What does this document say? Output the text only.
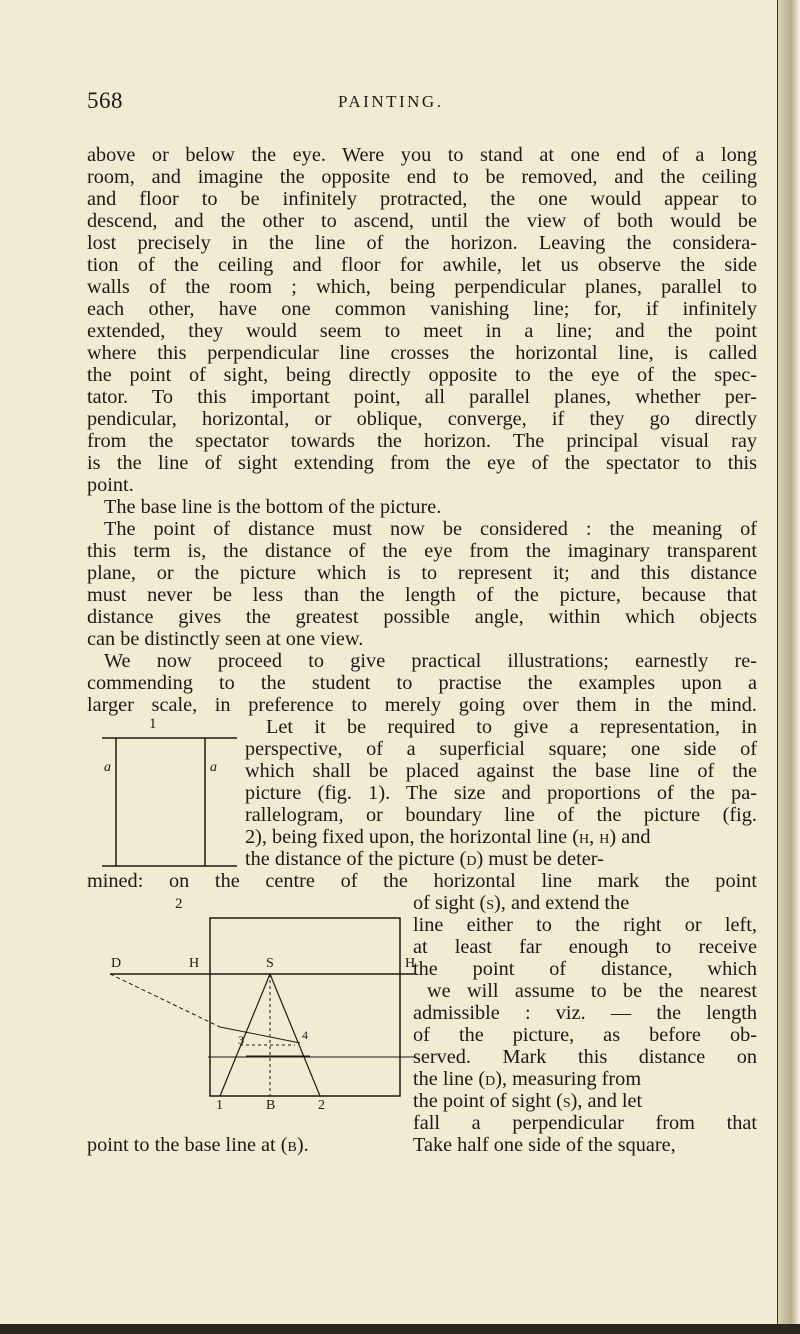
568	PAINTING.
above or below the eye. Were you to stand at one end of a long
room, and imagine the opposite end to be removed, and the ceiling
and floor to be infinitely protracted, the one would appear to
descend, and the other to ascend, until the view of both would be
lost precisely in the line of the horizon. Leaving the considera-
tion of the ceiling and floor for awhile, let us observe the side
walls of the room ; which, being perpendicular planes, parallel to
each other, have one common vanishing line; for, if infinitely
extended, they would seem to meet in a line; and the point
where this perpendicular line crosses the horizontal line, is called
the point of sight, being directly opposite to the eye of the spec-
tator. To this important point, all parallel planes, whether per-
pendicular, horizontal, or oblique, converge, if they go directly
from the spectator towards the horizon. The principal visual ray
is the line of sight extending from the eye of the spectator to this
point.
The base line is the bottom of the picture.
The point of distance must now be considered : the meaning of
this term is, the distance of the eye from the imaginary transparent
plane, or the picture which is to represent it; and this distance
must never be less than the length of the picture, because that
distance gives the greatest possible angle, within which objects
can be distinctly seen at one view.
We now proceed to give practical illustrations; earnestly re-
commending to the student to practise the examples upon a
larger scale, in preference to merely going over them in the mind.
Let it be required to give a representation, in
perspective, of a superficial square; one side of
which shall be placed against the base line of the
picture (fig. 1). The size and proportions of the pa-
rallelogram, or boundary line of the picture (fig.
2), being fixed upon, the horizontal line (h, h) and
the distance of the picture (d) must be deter-
mined: on the centre of the horizontal line mark the point
of sight (s), and extend the
line either to the right or left,
at least far enough to receive
the point of distance, which
we will assume to be the nearest
admissible : viz. — the length
of the picture, as before ob-
served. Mark this distance on
the line (d), measuring from
the point of sight (s), and let
fall a perpendicular from that
point to the base line at (b).	Take half one side of the square,
1
a	a
2
D	H	S	H
1	B	2
3	4
